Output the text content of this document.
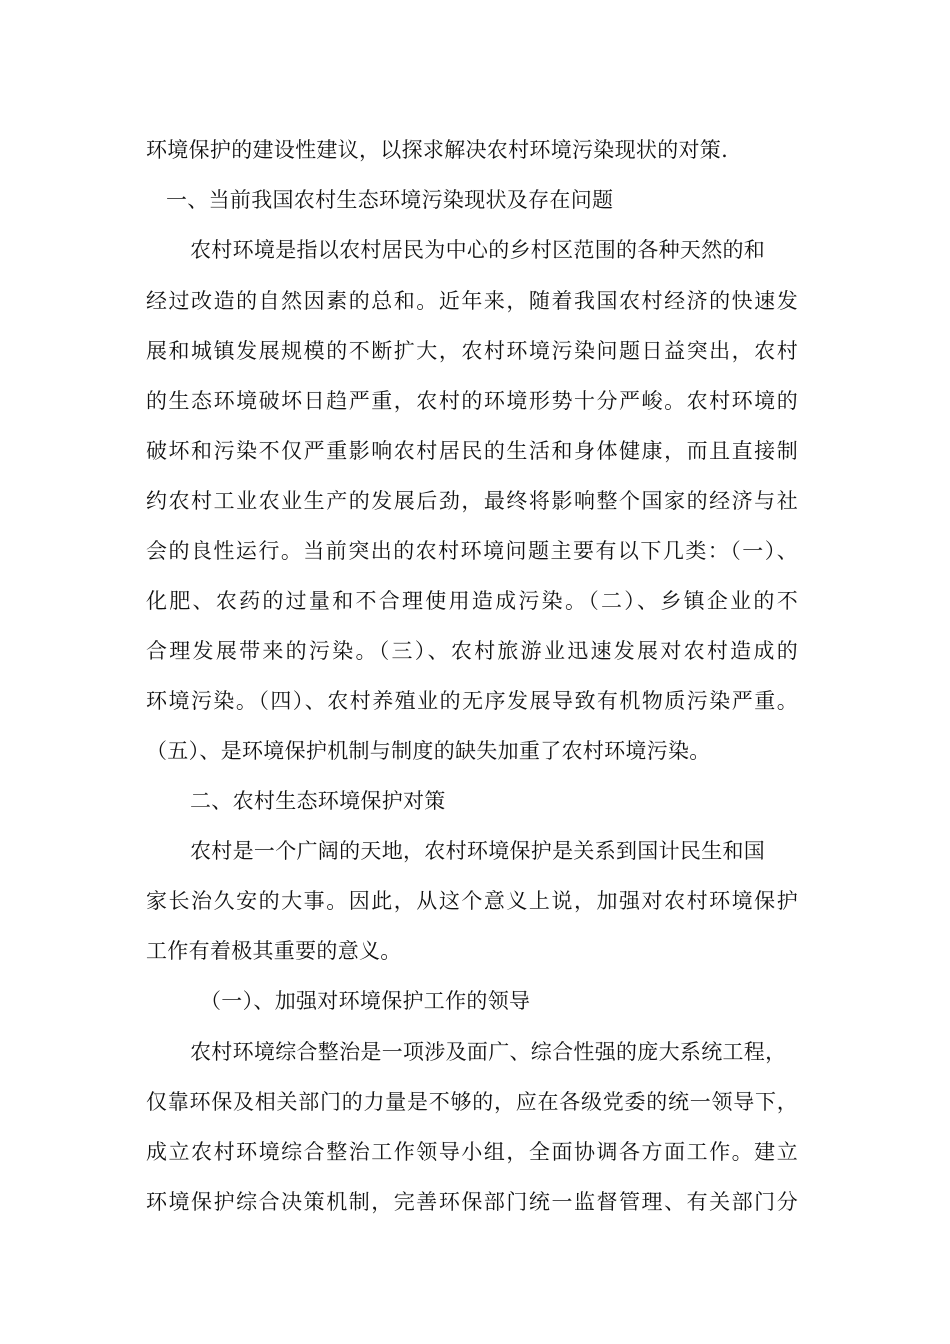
环境保护的建设性建议，以探求解决农村环境污染现状的对策.
一、当前我国农村生态环境污染现状及存在问题
农村环境是指以农村居民为中心的乡村区范围的各种天然的和
经过改造的自然因素的总和。近年来，随着我国农村经济的快速发
展和城镇发展规模的不断扩大，农村环境污染问题日益突出，农村
的生态环境破坏日趋严重，农村的环境形势十分严峻。农村环境的
破坏和污染不仅严重影响农村居民的生活和身体健康，而且直接制
约农村工业农业生产的发展后劲，最终将影响整个国家的经济与社
会的良性运行。当前突出的农村环境问题主要有以下几类：（一）、
化肥、农药的过量和不合理使用造成污染。（二）、乡镇企业的不
合理发展带来的污染。（三）、农村旅游业迅速发展对农村造成的
环境污染。（四）、农村养殖业的无序发展导致有机物质污染严重。
（五）、是环境保护机制与制度的缺失加重了农村环境污染。
二、农村生态环境保护对策
农村是一个广阔的天地，农村环境保护是关系到国计民生和国
家长治久安的大事。因此，从这个意义上说，加强对农村环境保护
工作有着极其重要的意义。
（一）、加强对环境保护工作的领导
农村环境综合整治是一项涉及面广、综合性强的庞大系统工程，
仅靠环保及相关部门的力量是不够的，应在各级党委的统一领导下，
成立农村环境综合整治工作领导小组，全面协调各方面工作。建立
环境保护综合决策机制，完善环保部门统一监督管理、有关部门分
